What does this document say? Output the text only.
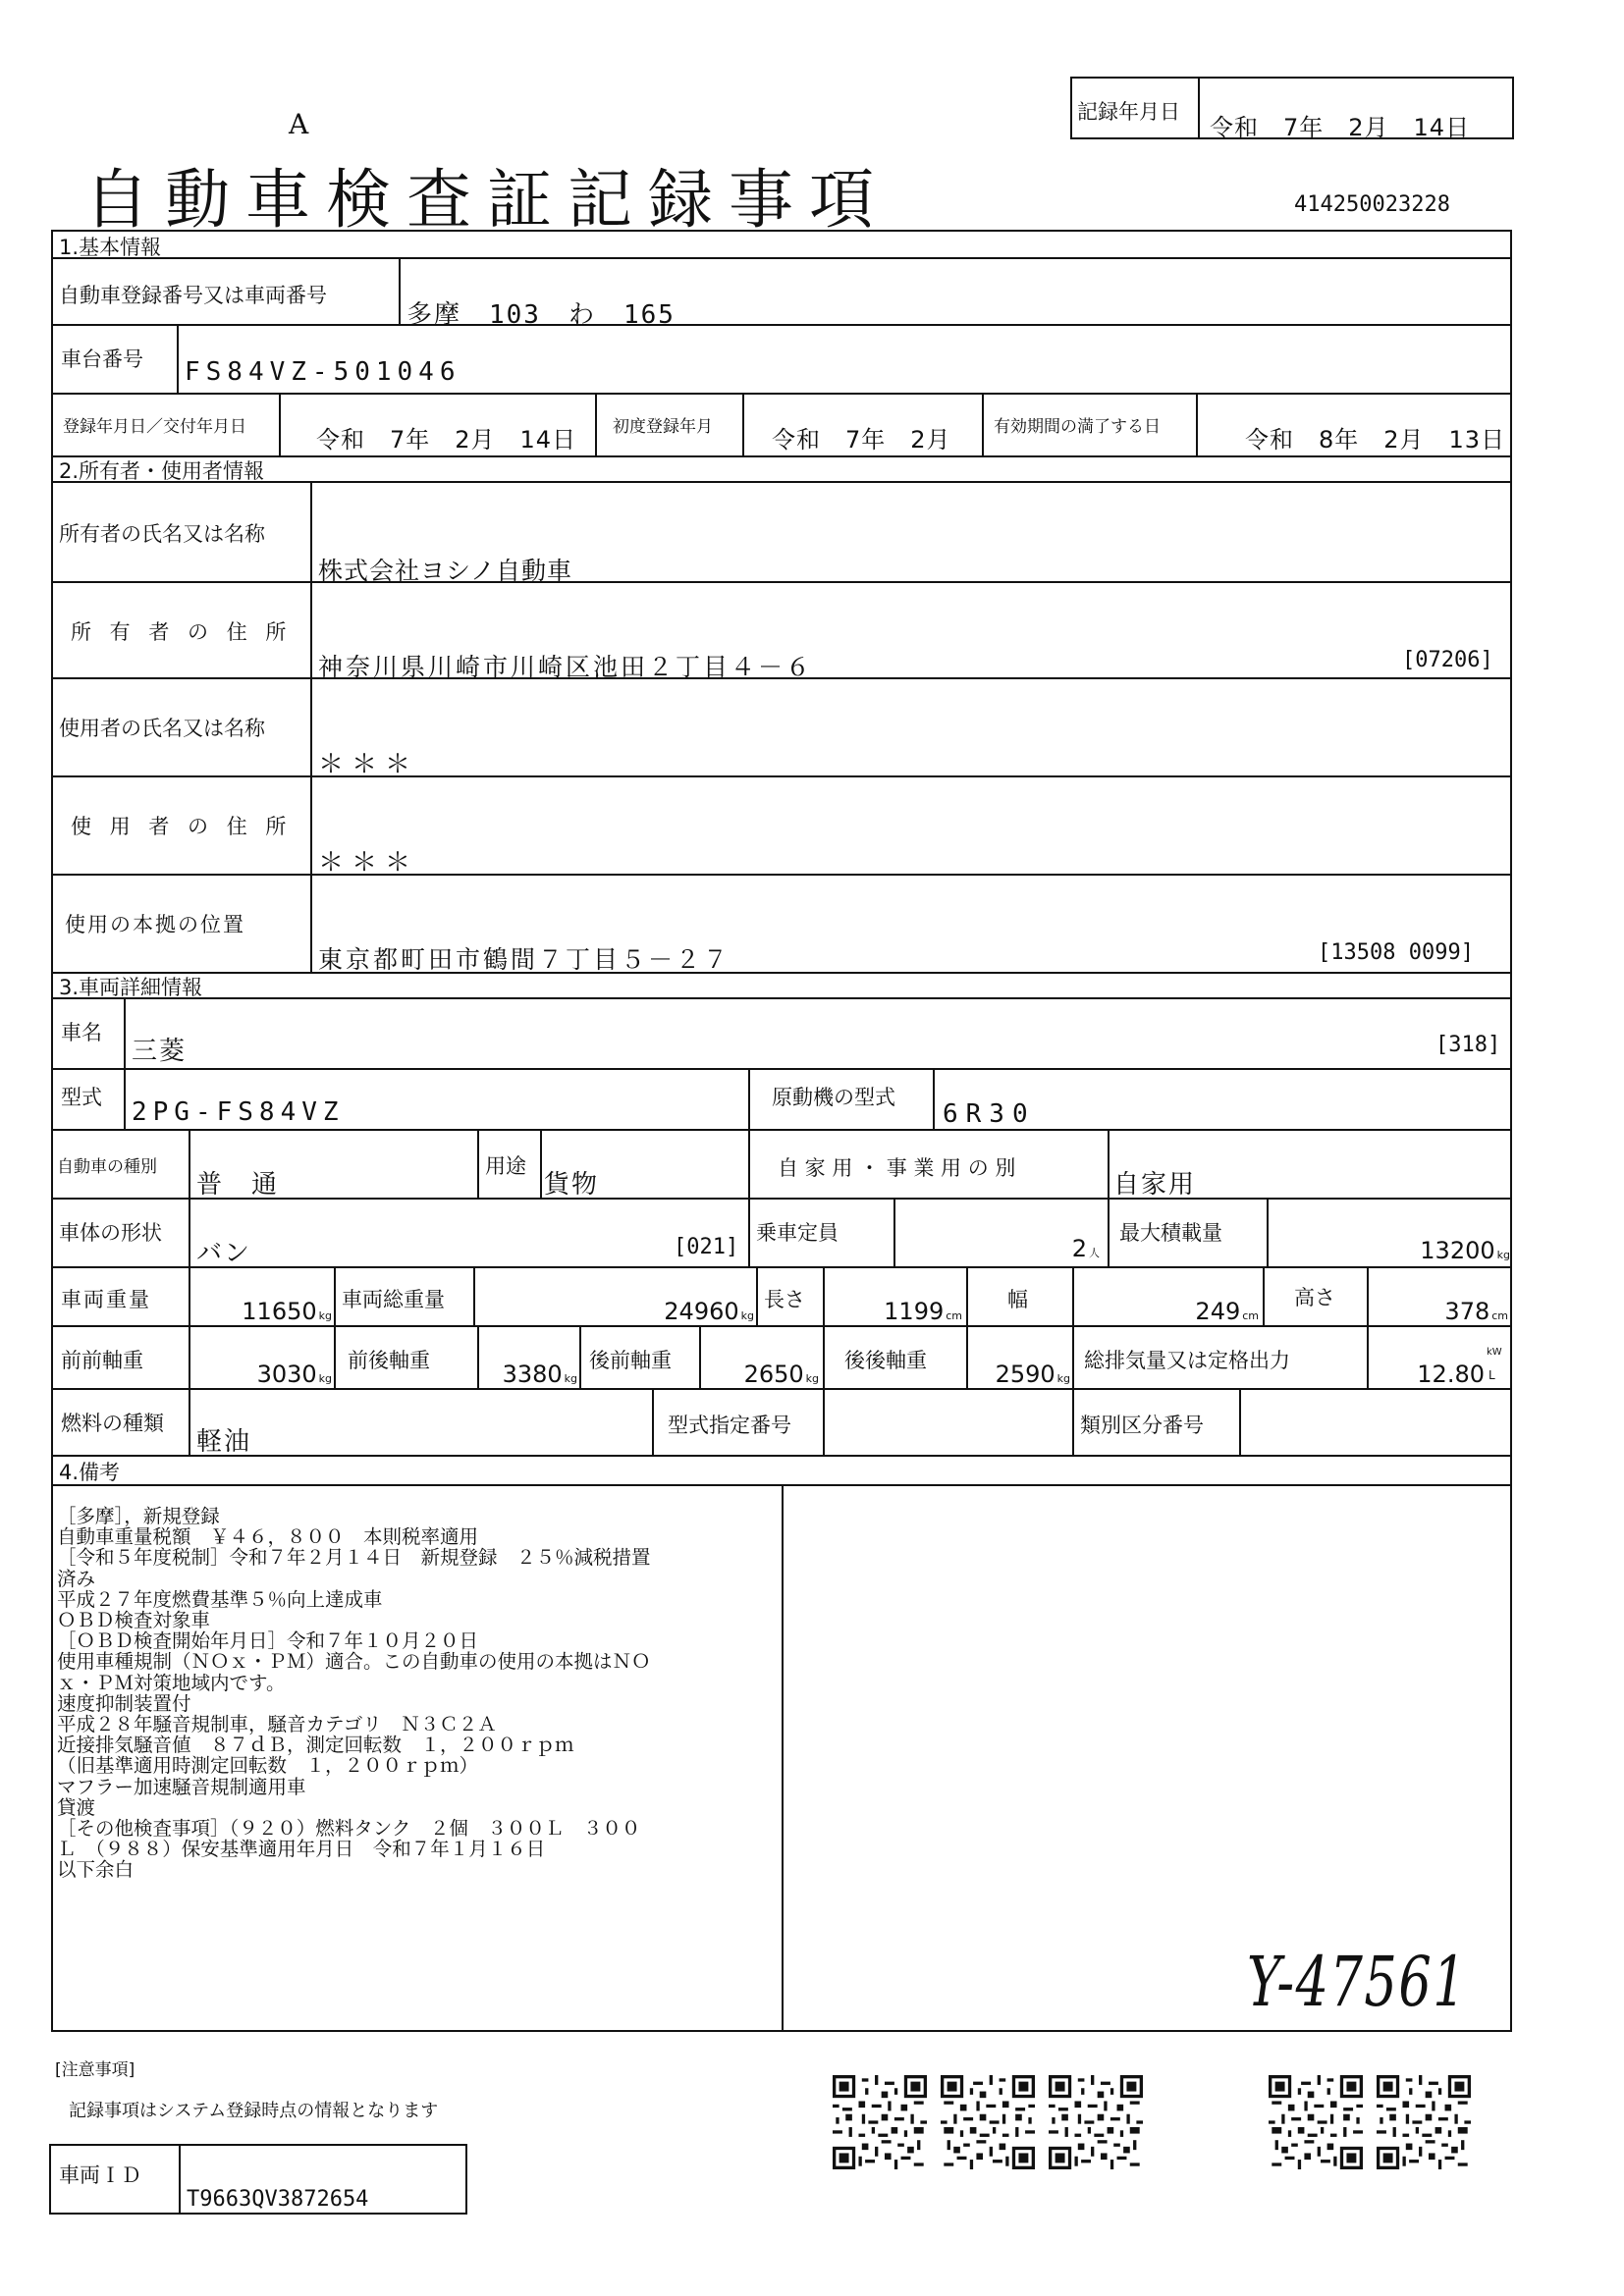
A
自動車検査証記録事項
記録年月日
令和　7年　2月　14日
414250023228
1.基本情報
自動車登録番号又は車両番号
多摩　103　わ　165
車台番号 FS84VZ-501046
登録年月日／交付年月日	令和　7年　2月　14日 初度登録年月	令和　7年　2月	有効期間の満了する日	令和　8年　2月　13日
2.所有者・使用者情報
所有者の氏名又は名称
株式会社ヨシノ自動車
所 有 者 の 住 所
神奈川県川崎市川崎区池田２丁目４－６	[07206]
使用者の氏名又は名称
＊＊＊
使 用 者 の 住 所
＊＊＊
使用の本拠の位置
東京都町田市鶴間７丁目５－２７	[13508 0099]
3.車両詳細情報
車名
三菱	[318]
型式 2PG-FS84VZ	原動機の型式
6R30
自動車の種別
普　通
用途
貨物
自 家 用 ・ 事 業 用 の 別
自家用
車体の形状
バン	[021]
乗車定員
2 人
最大積載量
13200 kg
車両重量	11650 kg
車両総重量	24960 kg
長さ	1199 cm
幅	249 cm
高さ	378 cm
前前軸重	3030 kg
前後軸重	3380 kg
後前軸重	2650 kg
後後軸重	2590 kg
総排気量又は定格出力	12.80
kW
L
燃料の種類
軽油
型式指定番号	類別区分番号
4.備考
［多摩］，新規登録
自動車重量税額　￥４６，８００　本則税率適用
［令和５年度税制］令和７年２月１４日　新規登録　２５％減税措置
済み
平成２７年度燃費基準５％向上達成車
ＯＢＤ検査対象車
［ＯＢＤ検査開始年月日］令和７年１０月２０日
使用車種規制（ＮＯｘ・ＰＭ）適合。この自動車の使用の本拠はＮＯ
ｘ・ＰＭ対策地域内です。
速度抑制装置付
平成２８年騒音規制車，騒音カテゴリ　Ｎ３Ｃ２Ａ
近接排気騒音値　８７ｄＢ，測定回転数　１，２００ｒｐｍ
（旧基準適用時測定回転数　１，２００ｒｐｍ）
マフラー加速騒音規制適用車
貸渡
［その他検査事項］（９２０）燃料タンク　２個　３００Ｌ　３００
Ｌ　（９８８）保安基準適用年月日　令和７年１月１６日
以下余白
Y-47561
[注意事項]
記録事項はシステム登録時点の情報となります
車両ＩＤ
T9663QV3872654
